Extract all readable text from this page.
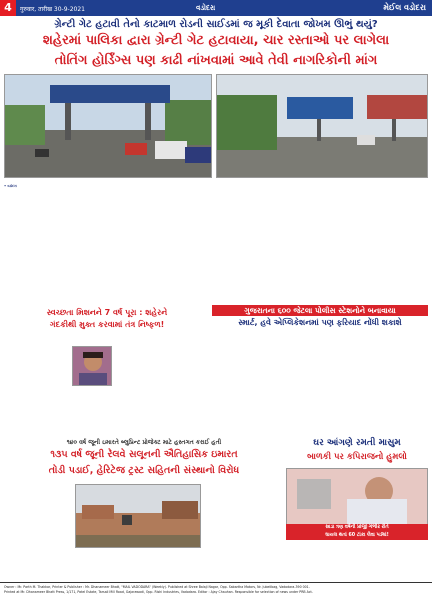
4	गुरुवार, तारीख 30-9-2021	વડોદરા	મેઈલ વડોદરા
ગ્રેન્ટી ગેટ હટાવી તેનો કાટમાળ રોડની સાઈડમાં જ મૂકી દેવાતા જોખમ ઊભું થયું?
શહેરમાં પાલિકા દ્વારા ગ્રેન્ટી ગેટ હટાવાયા, ચાર રસ્તાઓ પર લાગેલા
તોતિંગ હોર્ડિંગ્સ પણ કાઢી નાંખવામાં આવે તેવી નાગરિકોની માંગ
• વડોદરા
સ્વચ્છતા મિશનને 7 વર્ષ પૂરા : શહેરને
ગંદકીથી મુક્ત કરવામાં તંત્ર નિષ્ફળ!
ગુજરાતના ૬૦૦ જેટલા પોલીસ સ્ટેશનોને બનાવાયા
સ્માર્ટ, હવે એપ્લિકેશનમાં પણ ફરિયાદ નોંધી શકાશે
૧૪૦ વર્ષ જૂની ઇમારતે બ્લુપ્રિન્ટ પ્રોજેક્ટ માટે હસ્તગત કરાઈ હતી
૧૩૫ વર્ષ જૂની રેલવે સલૂનની ઐતિહાસિક ઇમારત
તોડી પડાઈ, હેરિટેજ ટ્રસ્ટ સહિતની સંસ્થાનો વિરોધ
ઘર આંગણે રમતી માસુમ
બાળકી પર કપિરાજનો હુમલો
સાડા ત્રણ વર્ષની પ્રાંજી ગંભીર રીતે
ઘાયલ થતાં 60 ટાંકા લેવા પડ્યાં!
Owner : Mr. Parth M. Thakkar, Printer & Publisher : Mr. Dhanameer Bhatt, "MAIL VADODARA" (Weekly). Published at Shree Balaji Nagar, Opp. Sabartha Motors, Nr. Jubelibag, Vadodara-390 001.
Printed at Mr. Dhanameer Bhatt Press, 1/171, Patel Estate, Tarsali Mill Road, Gajarawadi, Opp. Rishi Industries, Vadodara. Editor : Ajay Chauhan. Responsible for selection of news under PRB Act.
